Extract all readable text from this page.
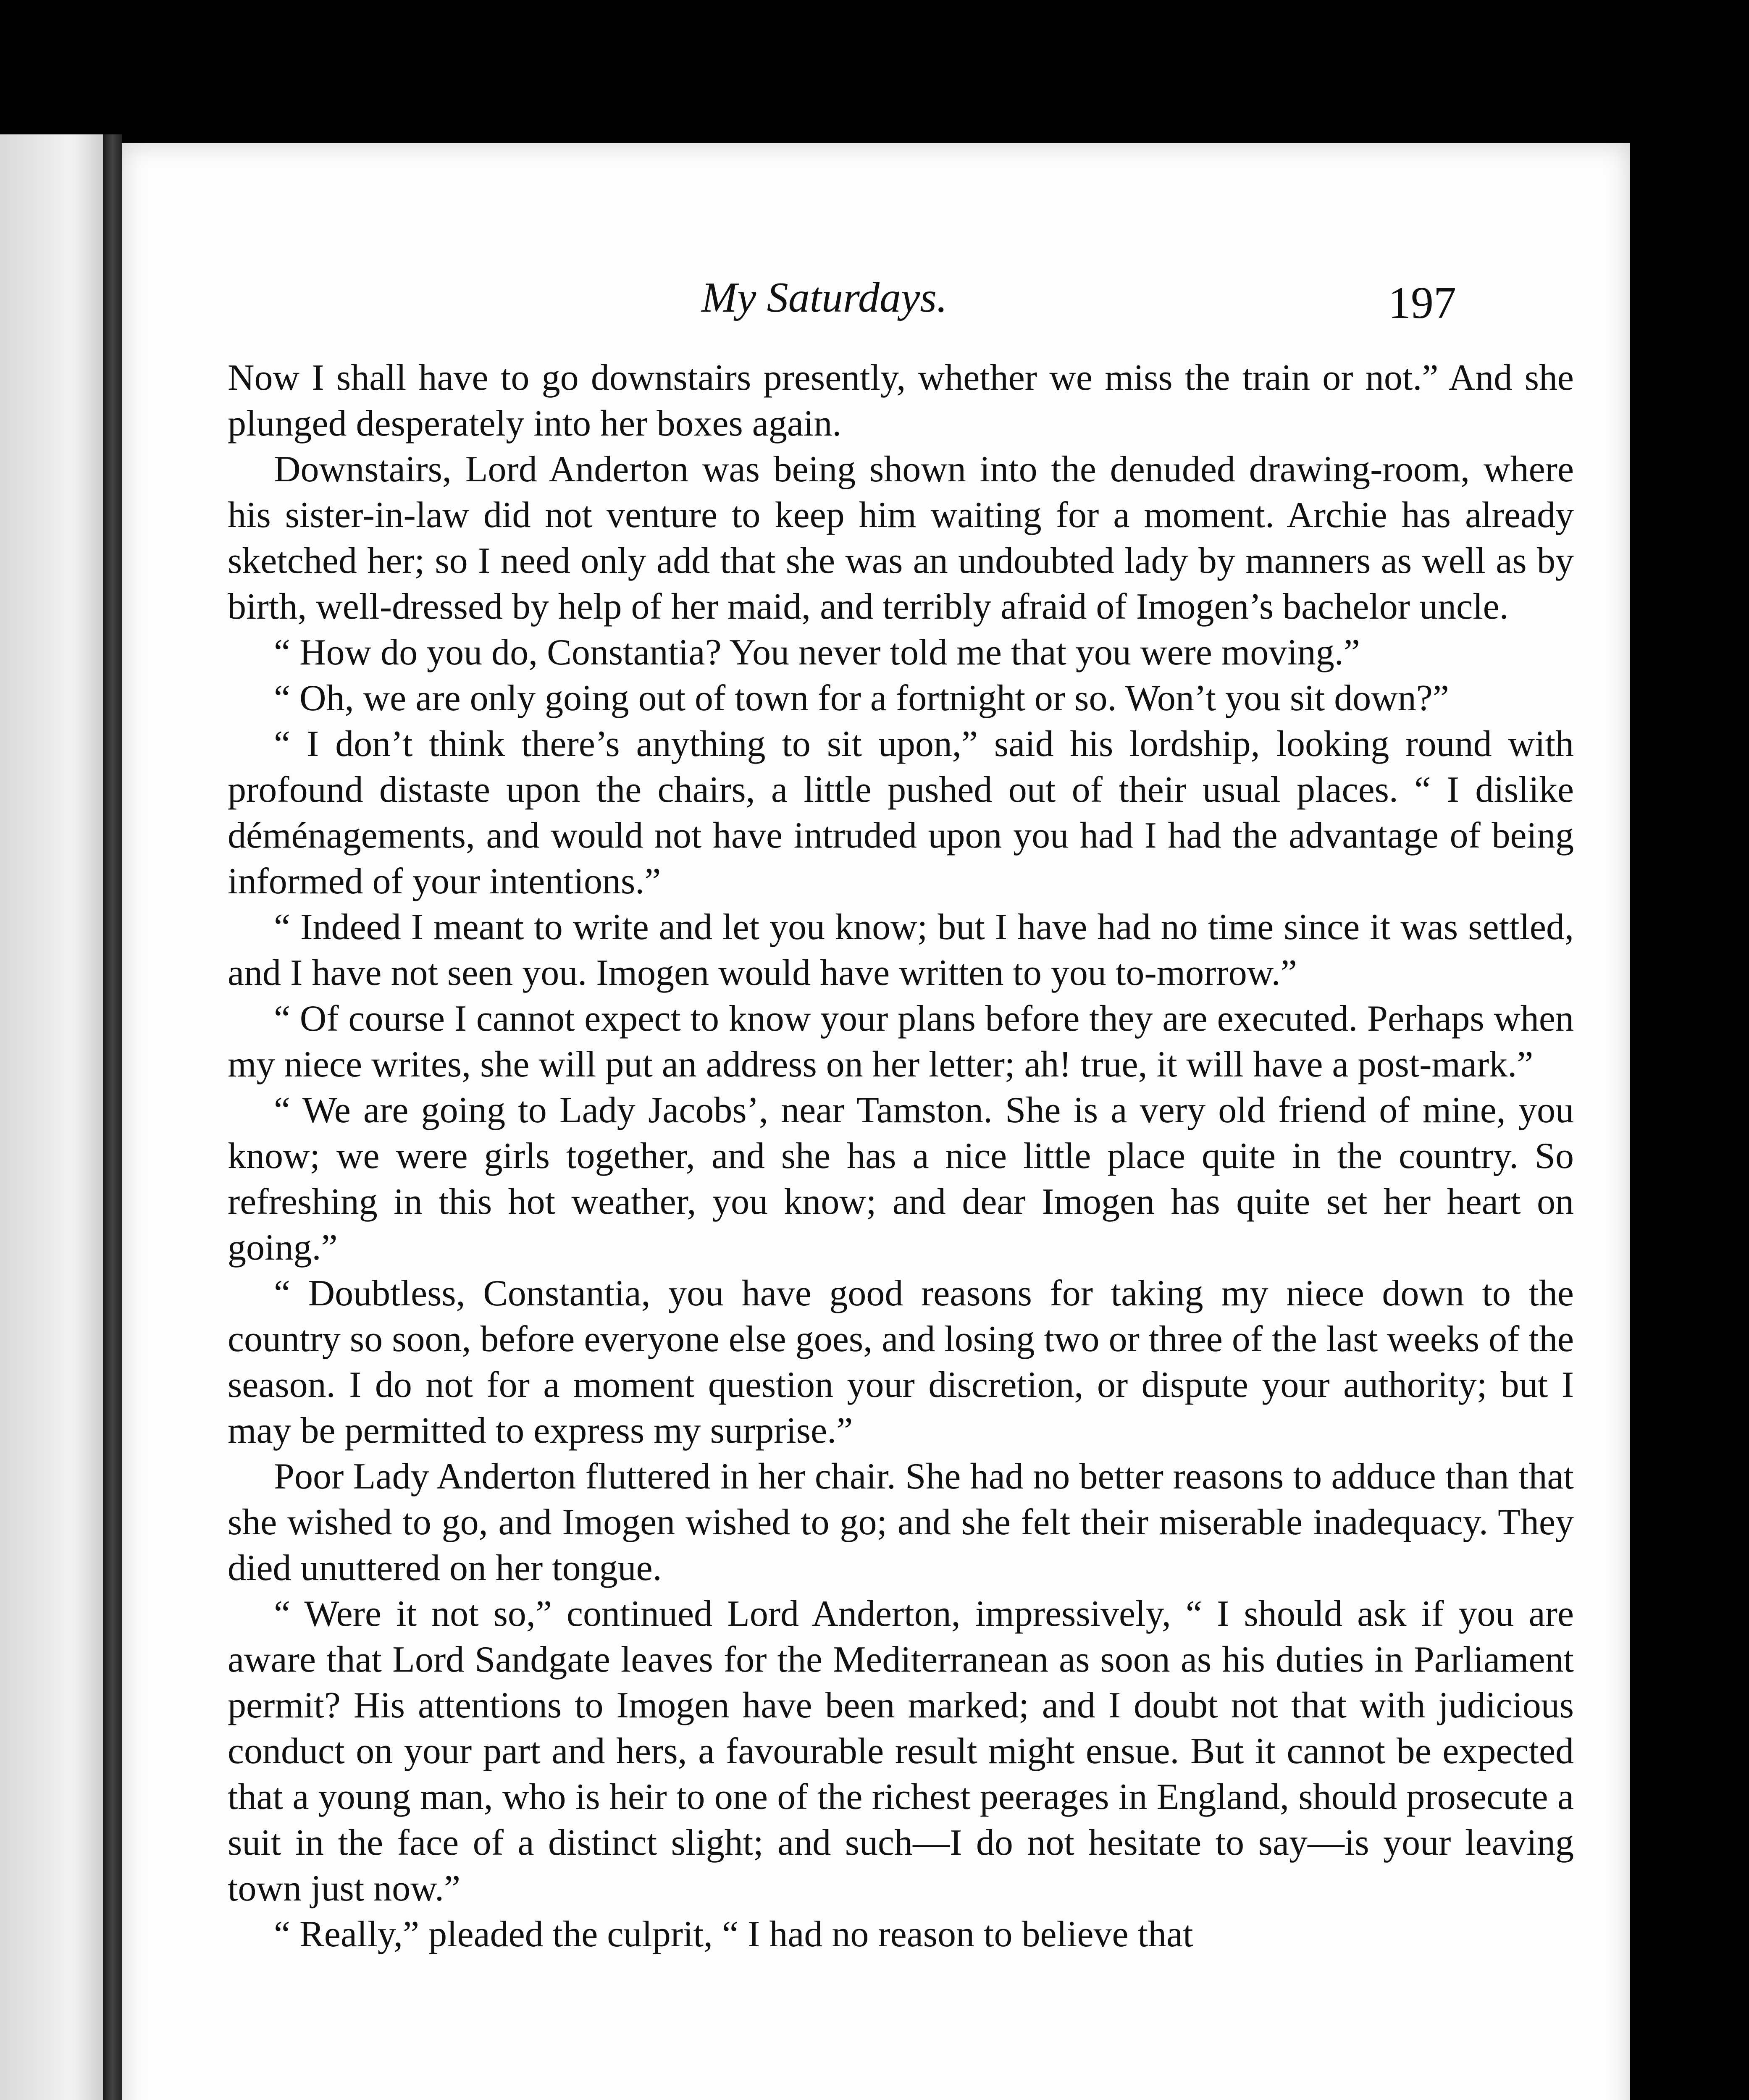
My Saturdays.	197

Now I shall have to go downstairs presently, whether we miss the train or not.” And she plunged desperately into her boxes again.

Downstairs, Lord Anderton was being shown into the denuded drawing-room, where his sister-in-law did not venture to keep him waiting for a moment. Archie has already sketched her; so I need only add that she was an undoubted lady by manners as well as by birth, well-dressed by help of her maid, and terribly afraid of Imogen’s bachelor uncle.

“ How do you do, Constantia? You never told me that you were moving.”

“ Oh, we are only going out of town for a fortnight or so. Won’t you sit down?”

“ I don’t think there’s anything to sit upon,” said his lordship, looking round with profound distaste upon the chairs, a little pushed out of their usual places. “ I dislike déménagements, and would not have intruded upon you had I had the advantage of being informed of your intentions.”

“ Indeed I meant to write and let you know; but I have had no time since it was settled, and I have not seen you. Imogen would have written to you to-morrow.”

“ Of course I cannot expect to know your plans before they are executed. Perhaps when my niece writes, she will put an address on her letter; ah! true, it will have a post-mark.”

“ We are going to Lady Jacobs’, near Tamston. She is a very old friend of mine, you know; we were girls together, and she has a nice little place quite in the country. So refreshing in this hot weather, you know; and dear Imogen has quite set her heart on going.”

“ Doubtless, Constantia, you have good reasons for taking my niece down to the country so soon, before everyone else goes, and losing two or three of the last weeks of the season. I do not for a moment question your discretion, or dispute your authority; but I may be permitted to express my surprise.”

Poor Lady Anderton fluttered in her chair. She had no better reasons to adduce than that she wished to go, and Imogen wished to go; and she felt their miserable inadequacy. They died unuttered on her tongue.

“ Were it not so,” continued Lord Anderton, impressively, “ I should ask if you are aware that Lord Sandgate leaves for the Mediterranean as soon as his duties in Parliament permit? His attentions to Imogen have been marked; and I doubt not that with judicious conduct on your part and hers, a favourable result might ensue. But it cannot be expected that a young man, who is heir to one of the richest peerages in England, should prosecute a suit in the face of a distinct slight; and such—I do not hesitate to say—is your leaving town just now.”

“ Really,” pleaded the culprit, “ I had no reason to believe that
